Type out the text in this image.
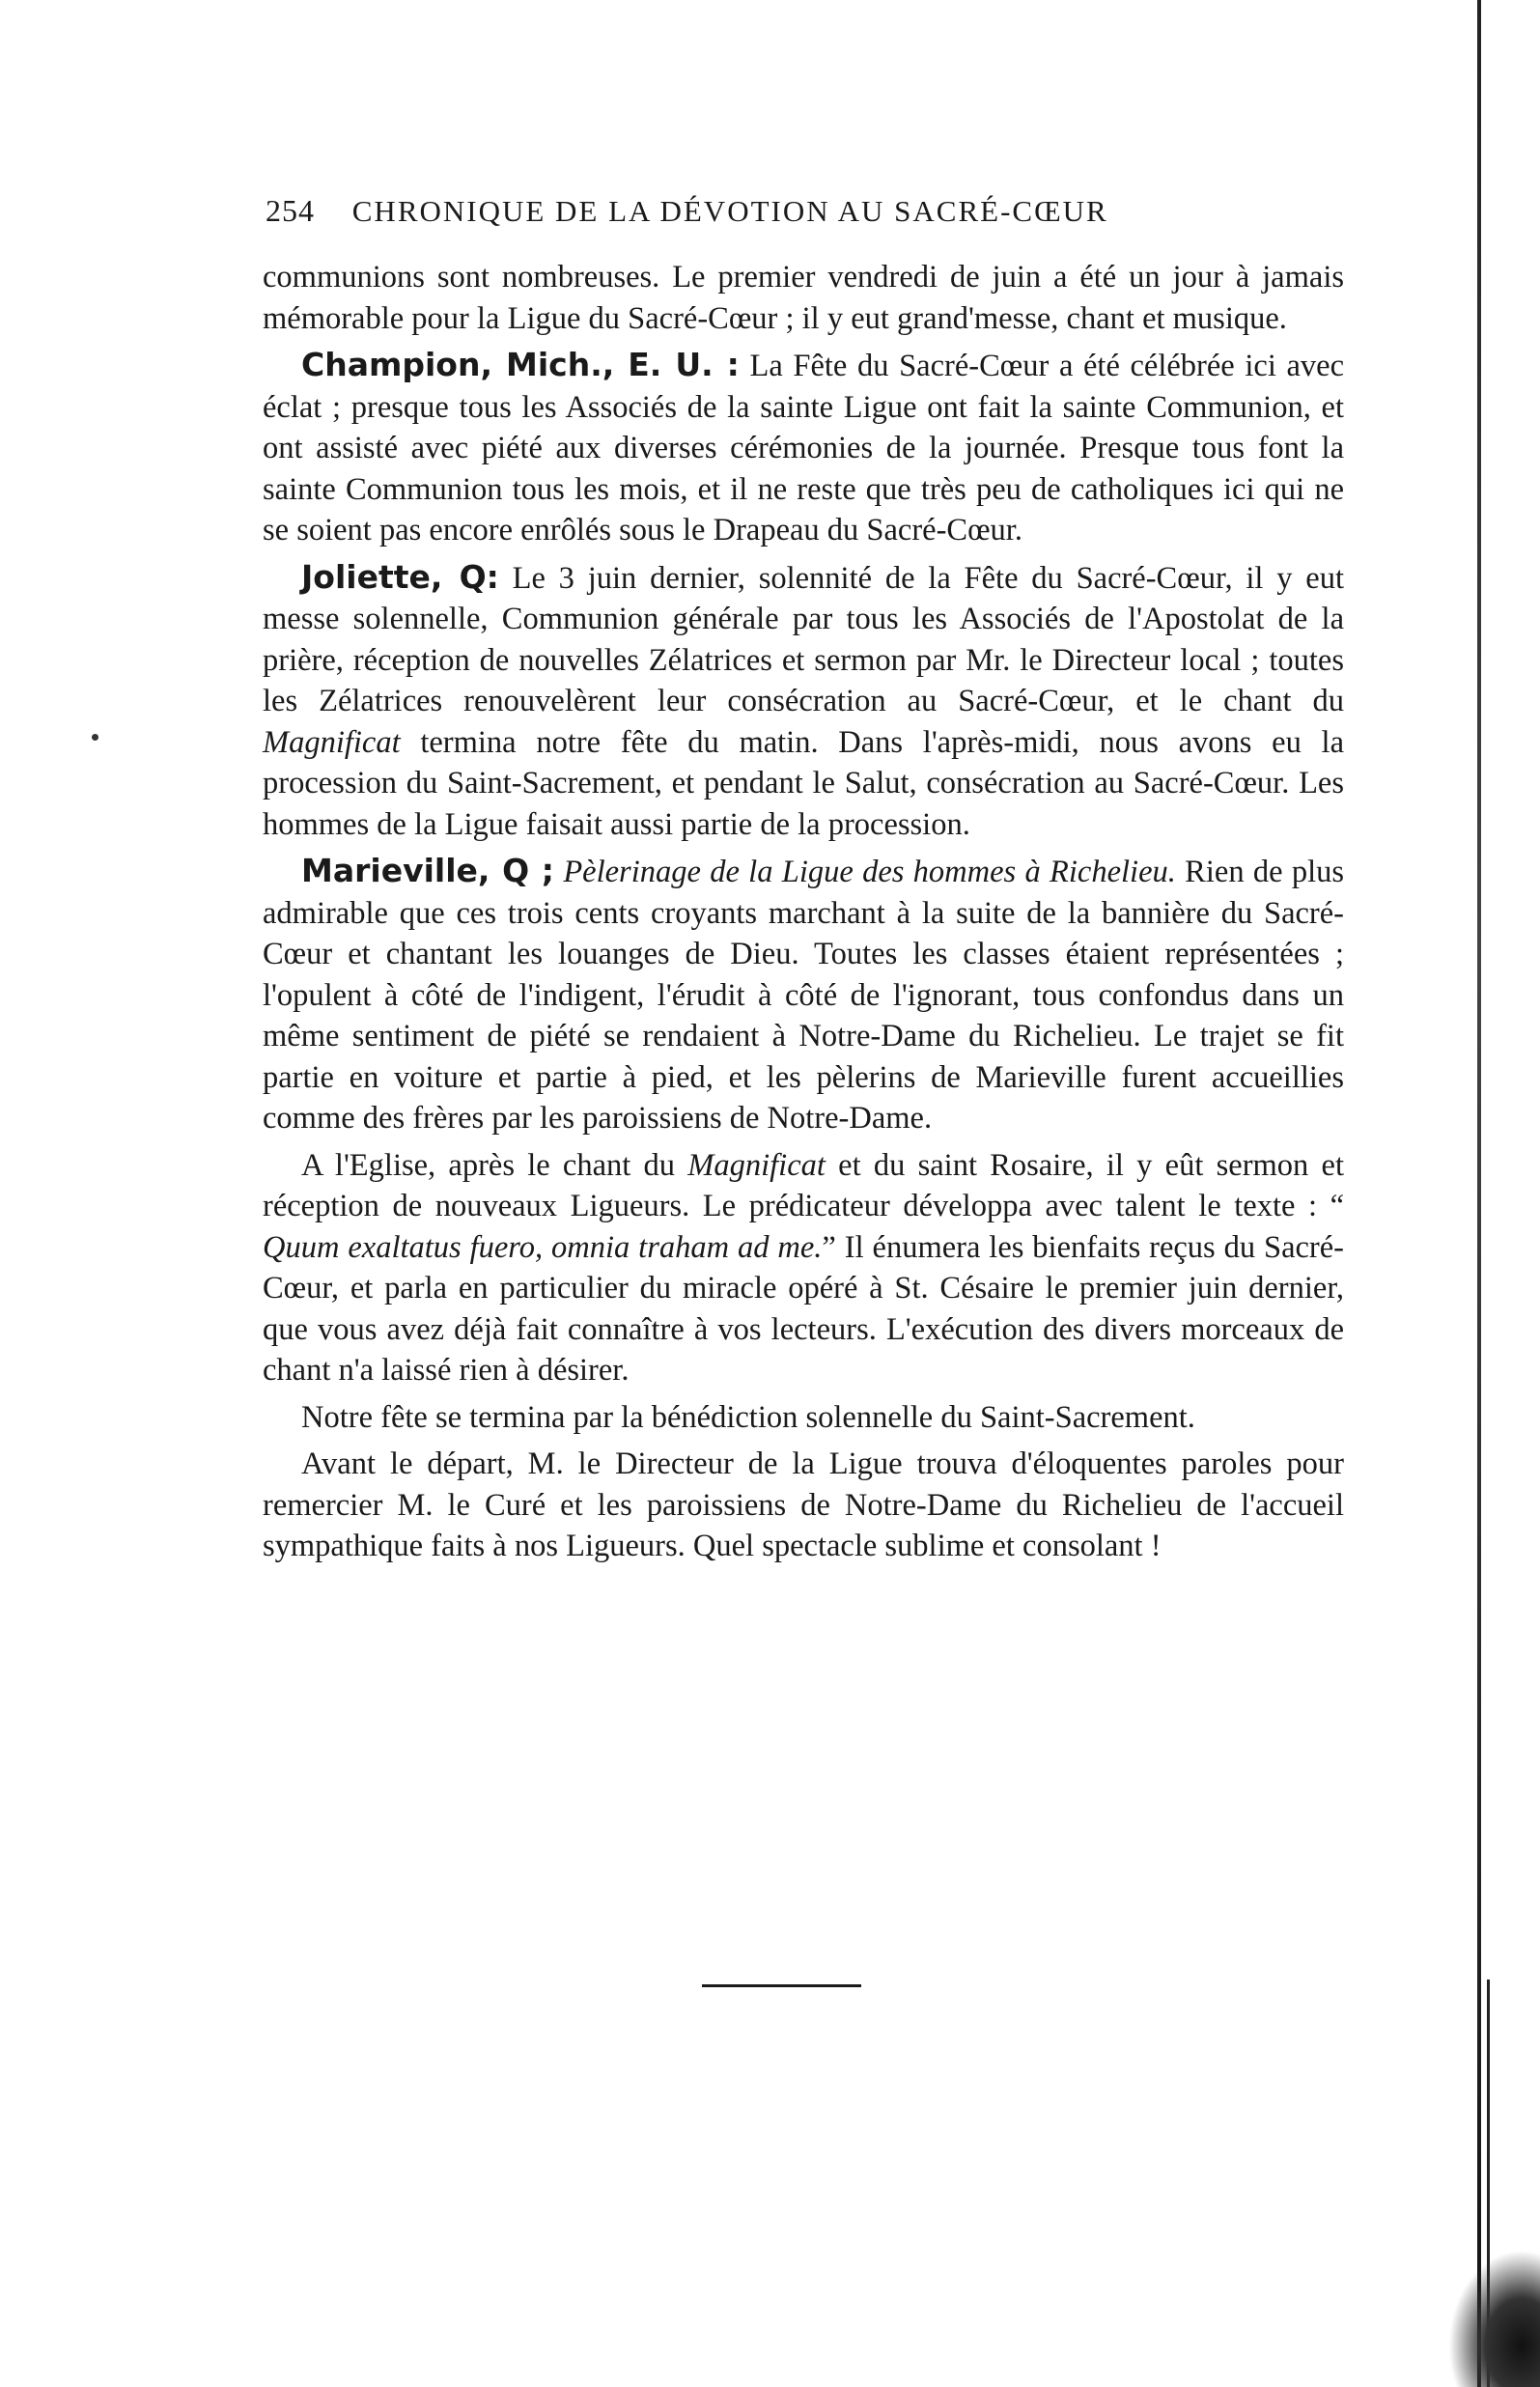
254 CHRONIQUE DE LA DÉVOTION AU SACRÉ-CŒUR

communions sont nombreuses. Le premier vendredi de juin a été un jour à jamais mémorable pour la Ligue du Sacré-Cœur ; il y eut grand'messe, chant et musique.

Champion, Mich., E. U. : La Fête du Sacré-Cœur a été célébrée ici avec éclat ; presque tous les Associés de la sainte Ligue ont fait la sainte Communion, et ont assisté avec piété aux diverses cérémonies de la journée. Presque tous font la sainte Communion tous les mois, et il ne reste que très peu de catholiques ici qui ne se soient pas encore enrôlés sous le Drapeau du Sacré-Cœur.

Joliette, Q: Le 3 juin dernier, solennité de la Fête du Sacré-Cœur, il y eut messe solennelle, Communion générale par tous les Associés de l'Apostolat de la prière, réception de nouvelles Zélatrices et sermon par Mr. le Directeur local ; toutes les Zélatrices renouvelèrent leur consécration au Sacré-Cœur, et le chant du Magnificat termina notre fête du matin. Dans l'après-midi, nous avons eu la procession du Saint-Sacrement, et pendant le Salut, consécration au Sacré-Cœur. Les hommes de la Ligue faisait aussi partie de la procession.

Marieville, Q ; Pèlerinage de la Ligue des hommes à Richelieu. Rien de plus admirable que ces trois cents croyants marchant à la suite de la bannière du Sacré-Cœur et chantant les louanges de Dieu. Toutes les classes étaient représentées ; l'opulent à côté de l'indigent, l'érudit à côté de l'ignorant, tous confondus dans un même sentiment de piété se rendaient à Notre-Dame du Richelieu. Le trajet se fit partie en voiture et partie à pied, et les pèlerins de Marieville furent accueillies comme des frères par les paroissiens de Notre-Dame.

A l'Eglise, après le chant du Magnificat et du saint Rosaire, il y eût sermon et réception de nouveaux Ligueurs. Le prédicateur développa avec talent le texte : “ Quum exaltatus fuero, omnia traham ad me.” Il énumera les bienfaits reçus du Sacré-Cœur, et parla en particulier du miracle opéré à St. Césaire le premier juin dernier, que vous avez déjà fait connaître à vos lecteurs. L'exécution des divers morceaux de chant n'a laissé rien à désirer.

Notre fête se termina par la bénédiction solennelle du Saint-Sacrement.

Avant le départ, M. le Directeur de la Ligue trouva d'éloquentes paroles pour remercier M. le Curé et les paroissiens de Notre-Dame du Richelieu de l'accueil sympathique faits à nos Ligueurs. Quel spectacle sublime et consolant !
